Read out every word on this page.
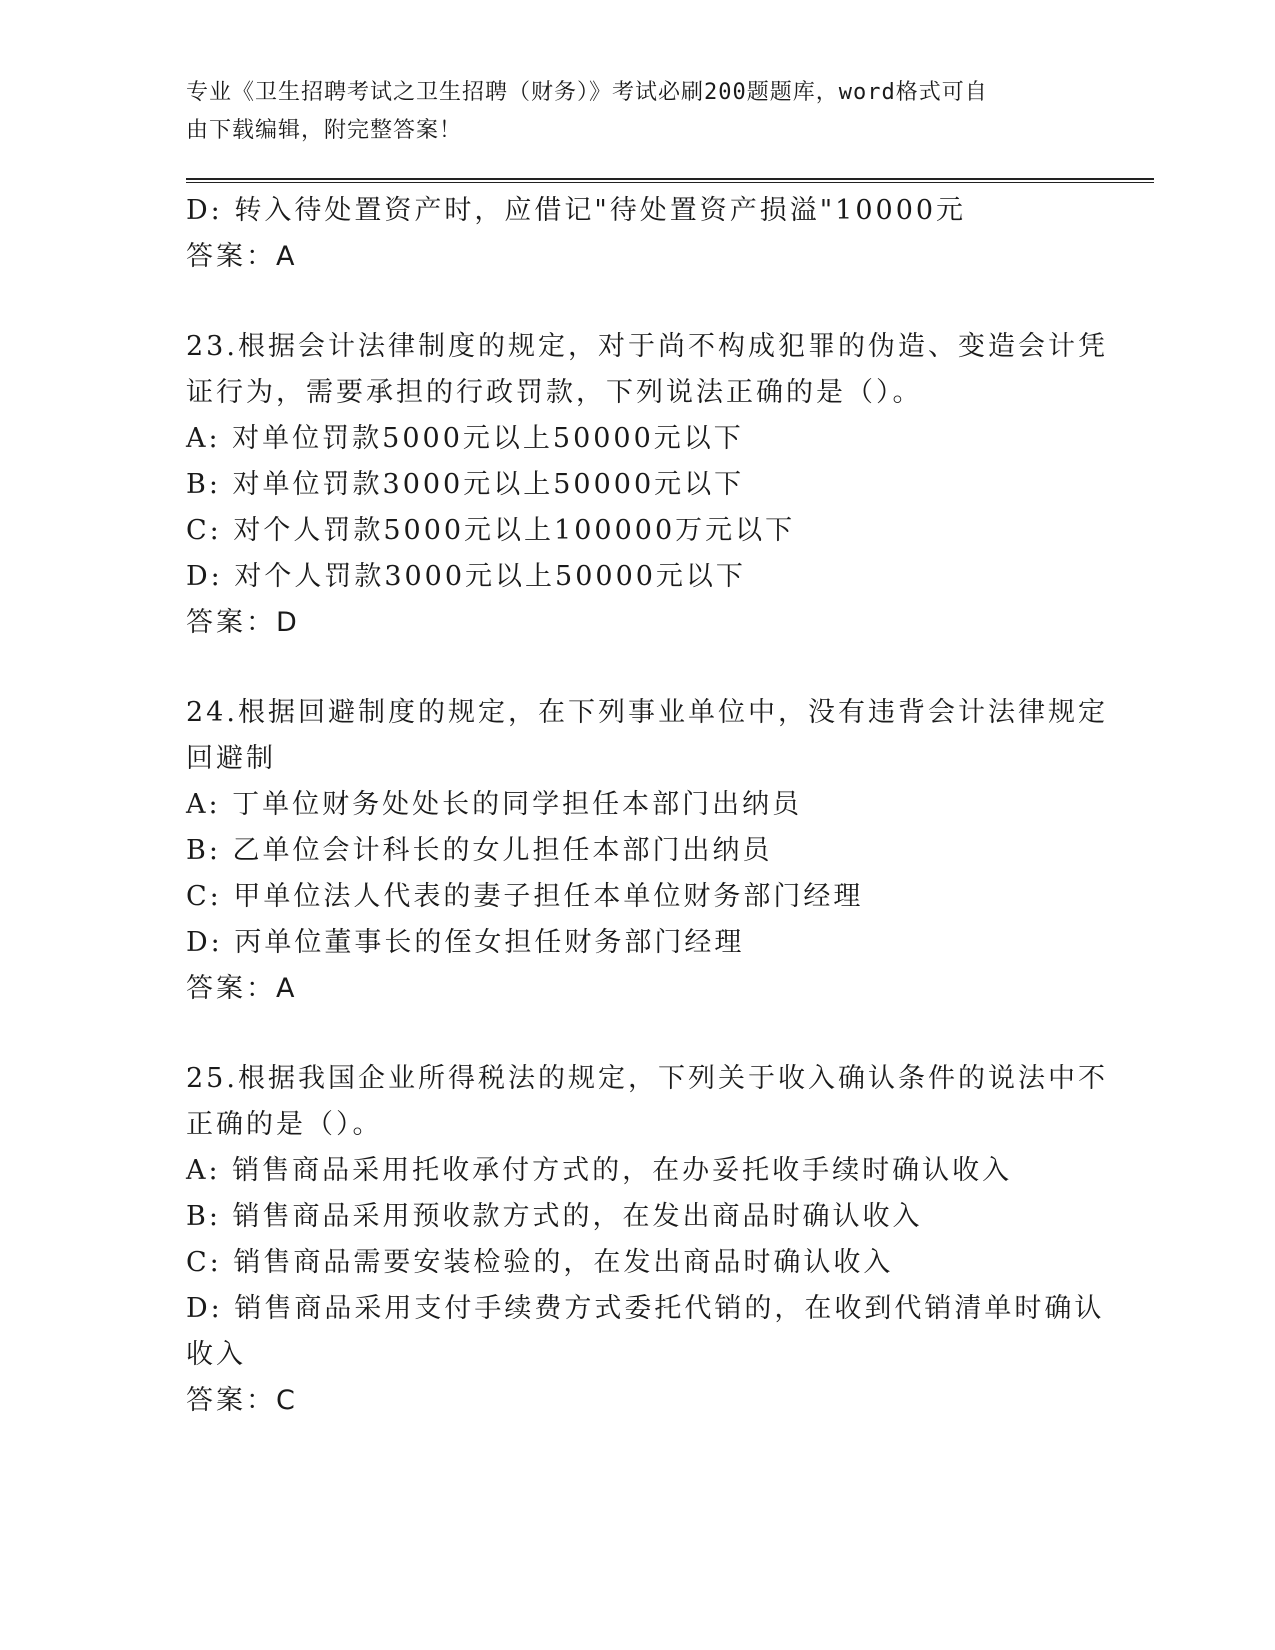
专业《卫生招聘考试之卫生招聘（财务）》考试必刷200题题库，word格式可自
由下载编辑，附完整答案！
D: 转入待处置资产时，应借记"待处置资产损溢"10000元
答案：A
23.根据会计法律制度的规定，对于尚不构成犯罪的伪造、变造会计凭
证行为，需要承担的行政罚款，下列说法正确的是（）。
A: 对单位罚款5000元以上50000元以下
B: 对单位罚款3000元以上50000元以下
C: 对个人罚款5000元以上100000万元以下
D: 对个人罚款3000元以上50000元以下
答案：D
24.根据回避制度的规定，在下列事业单位中，没有违背会计法律规定
回避制
A: 丁单位财务处处长的同学担任本部门出纳员
B: 乙单位会计科长的女儿担任本部门出纳员
C: 甲单位法人代表的妻子担任本单位财务部门经理
D: 丙单位董事长的侄女担任财务部门经理
答案：A
25.根据我国企业所得税法的规定，下列关于收入确认条件的说法中不
正确的是（）。
A: 销售商品采用托收承付方式的，在办妥托收手续时确认收入
B: 销售商品采用预收款方式的，在发出商品时确认收入
C: 销售商品需要安装检验的，在发出商品时确认收入
D: 销售商品采用支付手续费方式委托代销的，在收到代销清单时确认
收入
答案：C
